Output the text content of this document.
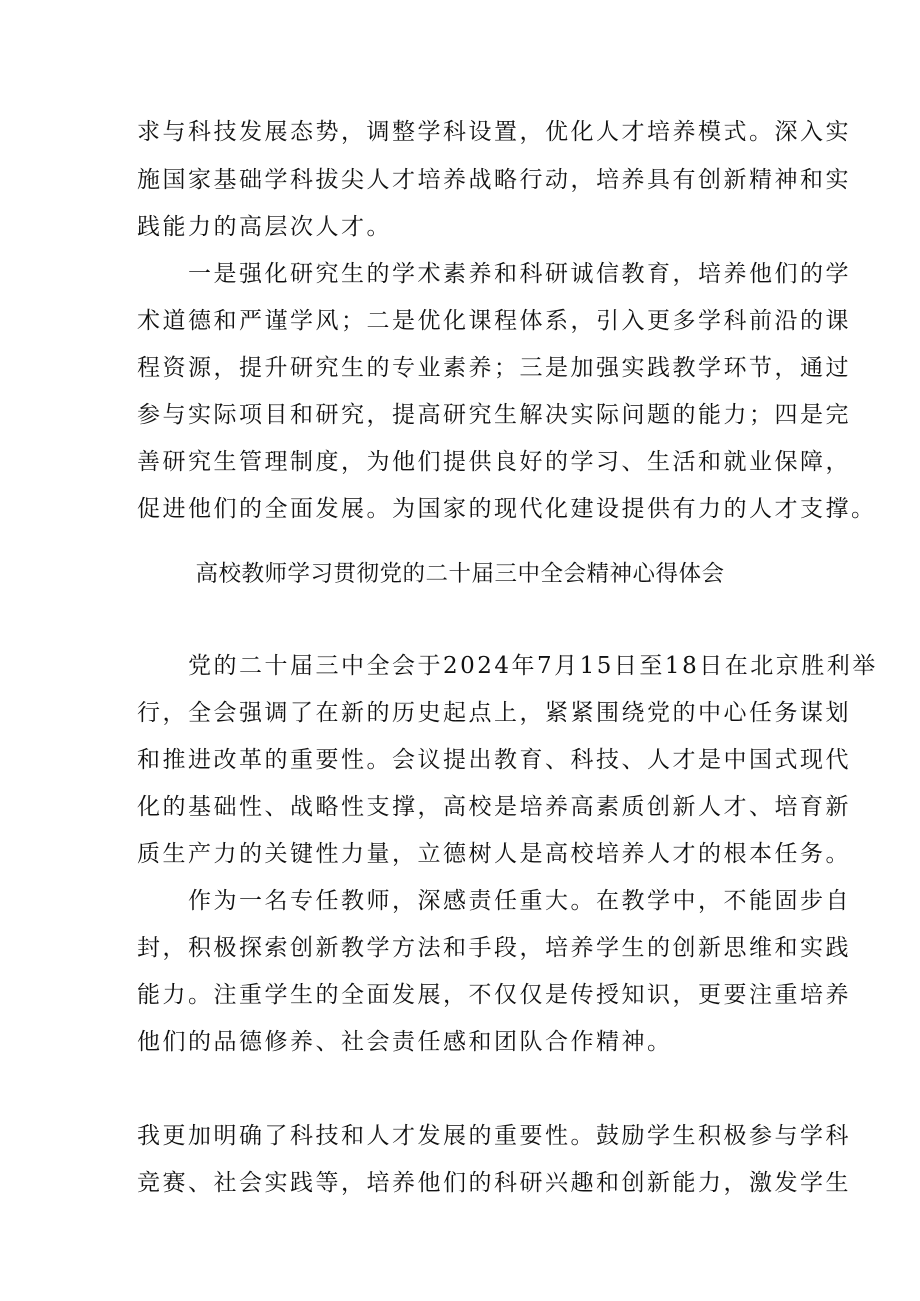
求与科技发展态势，调整学科设置，优化人才培养模式。深入实
施国家基础学科拔尖人才培养战略行动，培养具有创新精神和实
践能力的高层次人才。
　　一是强化研究生的学术素养和科研诚信教育，培养他们的学
术道德和严谨学风；二是优化课程体系，引入更多学科前沿的课
程资源，提升研究生的专业素养；三是加强实践教学环节，通过
参与实际项目和研究，提高研究生解决实际问题的能力；四是完
善研究生管理制度，为他们提供良好的学习、生活和就业保障，
促进他们的全面发展。为国家的现代化建设提供有力的人才支撑。
高校教师学习贯彻党的二十届三中全会精神心得体会
　　党的二十届三中全会于2024年7月15日至18日在北京胜利举
行，全会强调了在新的历史起点上，紧紧围绕党的中心任务谋划
和推进改革的重要性。会议提出教育、科技、人才是中国式现代
化的基础性、战略性支撑，高校是培养高素质创新人才、培育新
质生产力的关键性力量，立德树人是高校培养人才的根本任务。
　　作为一名专任教师，深感责任重大。在教学中，不能固步自
封，积极探索创新教学方法和手段，培养学生的创新思维和实践
能力。注重学生的全面发展，不仅仅是传授知识，更要注重培养
他们的品德修养、社会责任感和团队合作精神。
我更加明确了科技和人才发展的重要性。鼓励学生积极参与学科
竞赛、社会实践等，培养他们的科研兴趣和创新能力，激发学生
